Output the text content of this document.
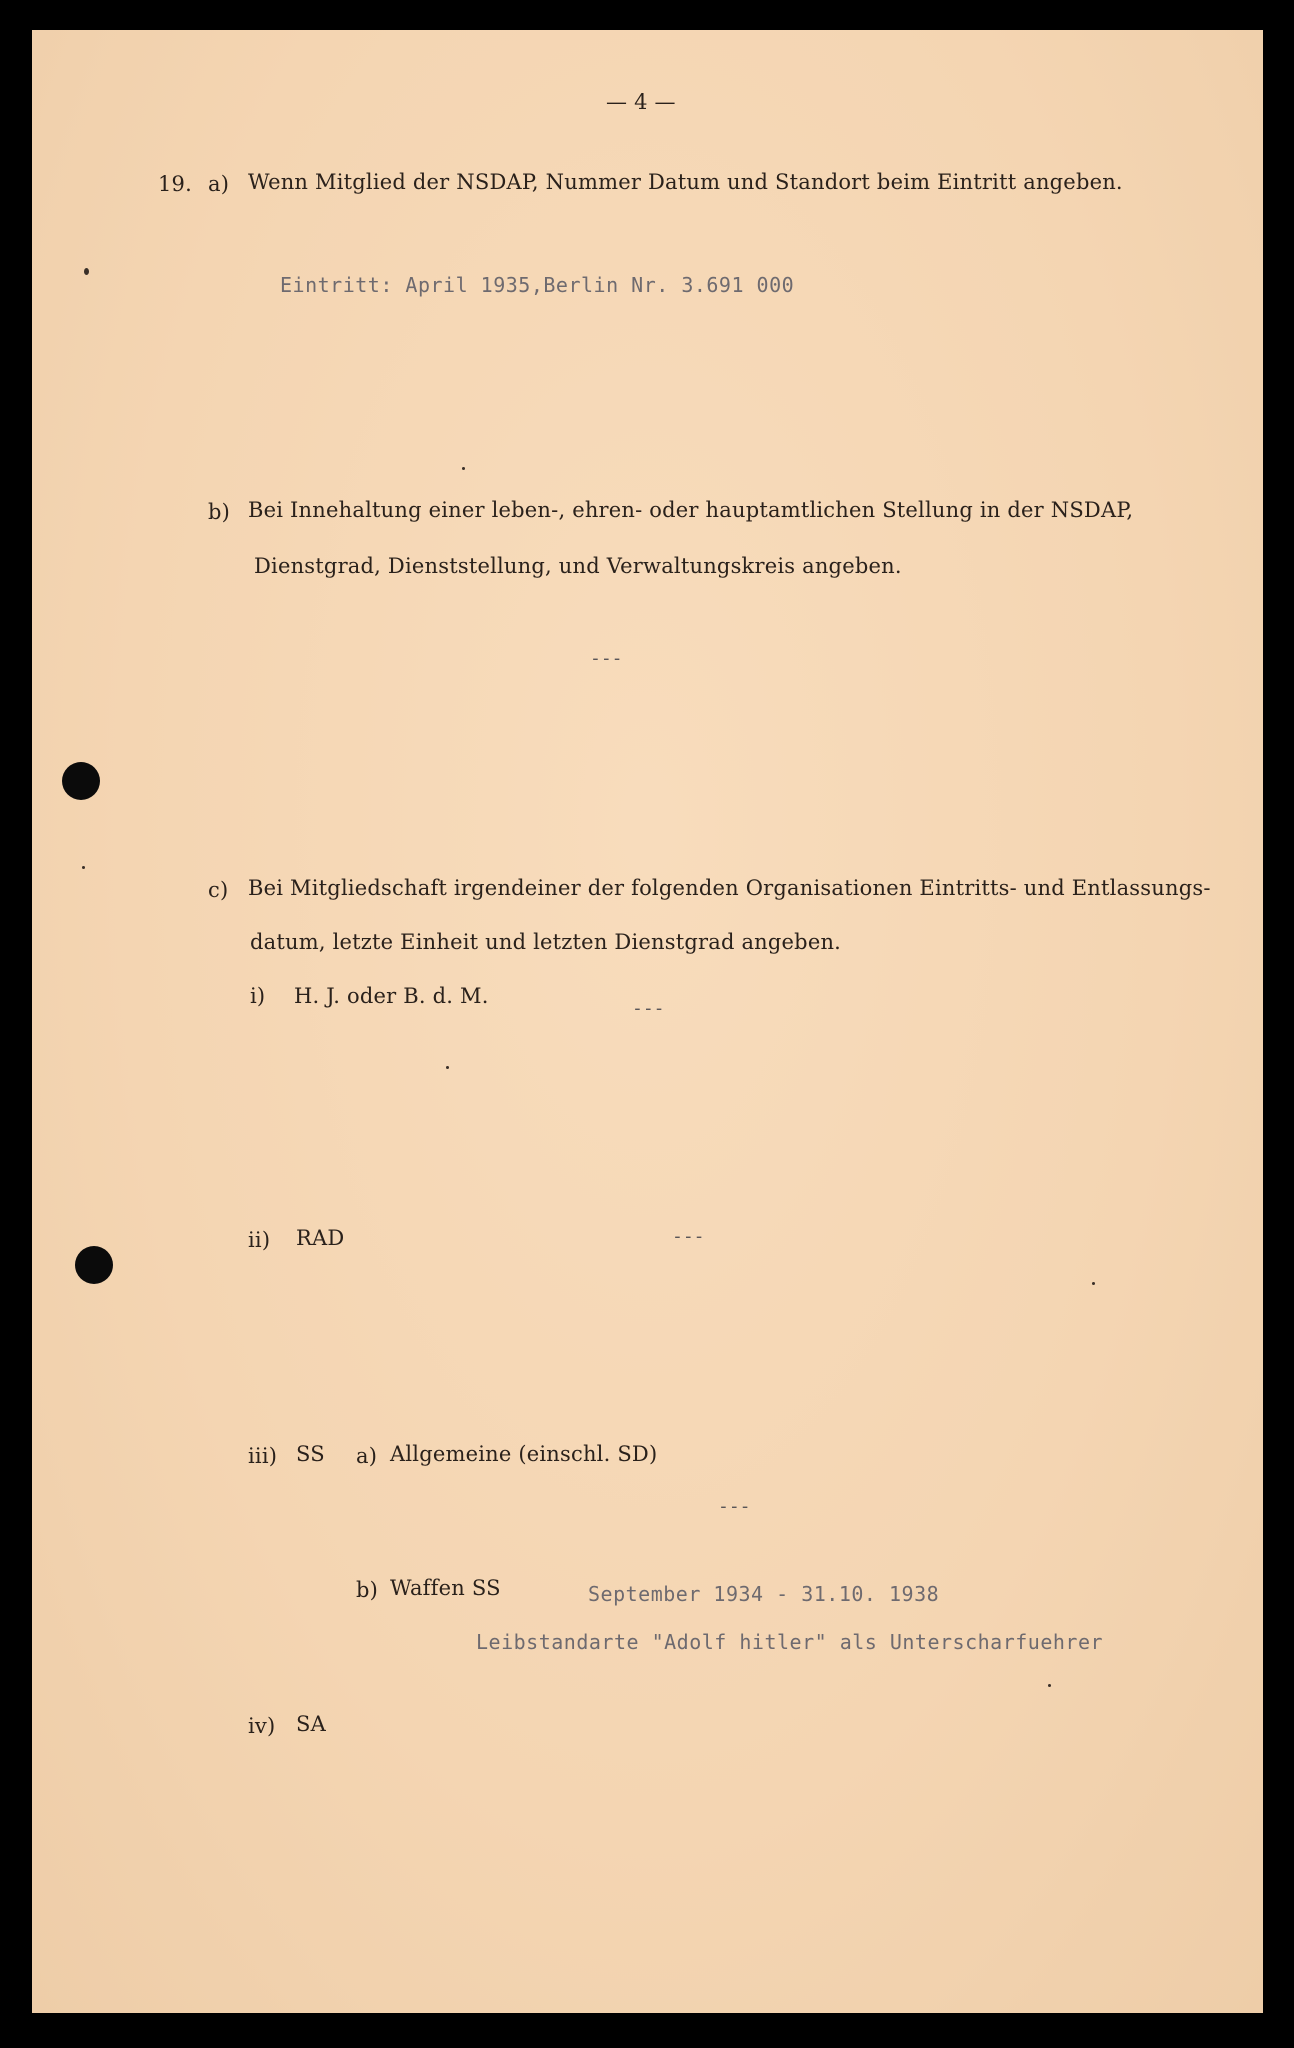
— 4 —
19. a) Wenn Mitglied der NSDAP, Nummer Datum und Standort beim Eintritt angeben.
Eintritt: April 1935,Berlin Nr. 3.691 000
b) Bei Innehaltung einer leben-, ehren- oder hauptamtlichen Stellung in der NSDAP,
Dienstgrad, Dienststellung, und Verwaltungskreis angeben.
---
c) Bei Mitgliedschaft irgendeiner der folgenden Organisationen Eintritts- und Entlassungs-
datum, letzte Einheit und letzten Dienstgrad angeben.
i) H. J. oder B. d. M.
---
ii) RAD	---
iii) SS a) Allgemeine (einschl. SD)
---
b) Waffen SS	September 1934 - 31.10. 1938
Leibstandarte "Adolf hitler" als Unterscharfuehrer
iv) SA
